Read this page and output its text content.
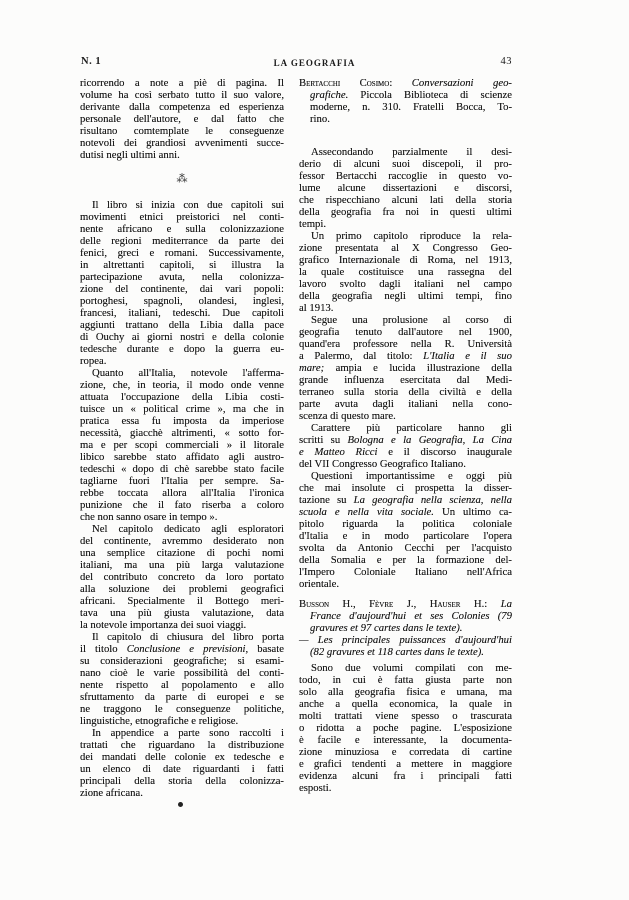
N. 1	LA GEOGRAFIA	43
ricorrendo a note a piè di pagina. Il
volume ha così serbato tutto il suo valore,
derivante dalla competenza ed esperienza
personale dell'autore, e dal fatto che
risultano comtemplate le conseguenze
notevoli dei grandiosi avvenimenti succe-
dutisi negli ultimi anni.
Il libro si inizia con due capitoli sui
movimenti etnici preistorici nel conti-
nente africano e sulla colonizzazione
delle regioni mediterrance da parte dei
fenici, greci e romani. Successivamente,
in altrettanti capitoli, si illustra la
partecipazione avuta, nella colonizza-
zione del continente, dai vari popoli:
portoghesi, spagnoli, olandesi, inglesi,
francesi, italiani, tedeschi. Due capitoli
aggiunti trattano della Libia dalla pace
di Ouchy ai giorni nostri e della colonie
tedesche durante e dopo la guerra eu-
ropea.
Quanto all'Italia, notevole l'afferma-
zione, che, in teoria, il modo onde venne
attuata l'occupazione della Libia costi-
tuisce un « political crime », ma che in
pratica essa fu imposta da imperiose
necessità, giacchè altrimenti, « sotto for-
ma e per scopi commerciali » il litorale
libico sarebbe stato affidato agli austro-
tedeschi « dopo di chè sarebbe stato facile
tagliarne fuori l'Italia per sempre. Sa-
rebbe toccata allora all'Italia l'ironica
punizione che il fato riserba a coloro
che non sanno osare in tempo ».
Nel capitolo dedicato agli esploratori
del continente, avremmo desiderato non
una semplice citazione di pochi nomi
italiani, ma una più larga valutazione
del contributo concreto da loro portato
alla soluzione dei problemi geografici
africani. Specialmente il Bottego meri-
tava una più giusta valutazione, data
la notevole importanza dei suoi viaggi.
Il capitolo di chiusura del libro porta
il titolo Conclusione e previsioni, basate
su considerazioni geografiche; si esami-
nano cioè le varie possibilità del conti-
nente rispetto al popolamento e allo
sfruttamento da parte di europei e se
ne traggono le conseguenze politiche,
linguistiche, etnografiche e religiose.
In appendice a parte sono raccolti i
trattati che riguardano la distribuzione
dei mandati delle colonie ex tedesche e
un elenco di date riguardanti i fatti
principali della storia della colonizza-
zione africana.
⁂
Bertacchi Cosimo: Conversazioni geo-
grafiche. Piccola Biblioteca di scienze
moderne, n. 310. Fratelli Bocca, To-
rino.
Assecondando parzialmente il desi-
derio di alcuni suoi discepoli, il pro-
fessor Bertacchi raccoglie in questo vo-
lume alcune dissertazioni e discorsi,
che rispecchiano alcuni lati della storia
della geografia fra noi in questi ultimi
tempi.
Un primo capitolo riproduce la rela-
zione presentata al X Congresso Geo-
grafico Internazionale di Roma, nel 1913,
la quale costituisce una rassegna del
lavoro svolto dagli italiani nel campo
della geografia negli ultimi tempi, fino
al 1913.
Segue una prolusione al corso di
geografia tenuto dall'autore nel 1900,
quand'era professore nella R. Università
a Palermo, dal titolo: L'Italia e il suo
mare; ampia e lucida illustrazione della
grande influenza esercitata dal Medi-
terraneo sulla storia della civiltà e della
parte avuta dagli italiani nella cono-
scenza di questo mare.
Carattere più particolare hanno gli
scritti su Bologna e la Geografia, La Cina
e Matteo Ricci e il discorso inaugurale
del VII Congresso Geografico Italiano.
Questioni importantissime e oggi più
che mai insolute ci prospetta la disser-
tazione su La geografia nella scienza, nella
scuola e nella vita sociale. Un ultimo ca-
pitolo riguarda la politica coloniale
d'Italia e in modo particolare l'opera
svolta da Antonio Cecchi per l'acquisto
della Somalia e per la formazione del-
l'Impero Coloniale Italiano nell'Africa
orientale.
Busson H., Fèvre J., Hauser H.: La
France d'aujourd'hui et ses Colonies (79
gravures et 97 cartes dans le texte).
— Les principales puissances d'aujourd'hui
(82 gravures et 118 cartes dans le texte).
Sono due volumi compilati con me-
todo, in cui è fatta giusta parte non
solo alla geografia fisica e umana, ma
anche a quella economica, la quale in
molti trattati viene spesso o trascurata
o ridotta a poche pagine. L'esposizione
è facile e interessante, la documenta-
zione minuziosa e corredata di cartine
e grafici tendenti a mettere in maggiore
evidenza alcuni fra i principali fatti
esposti.
